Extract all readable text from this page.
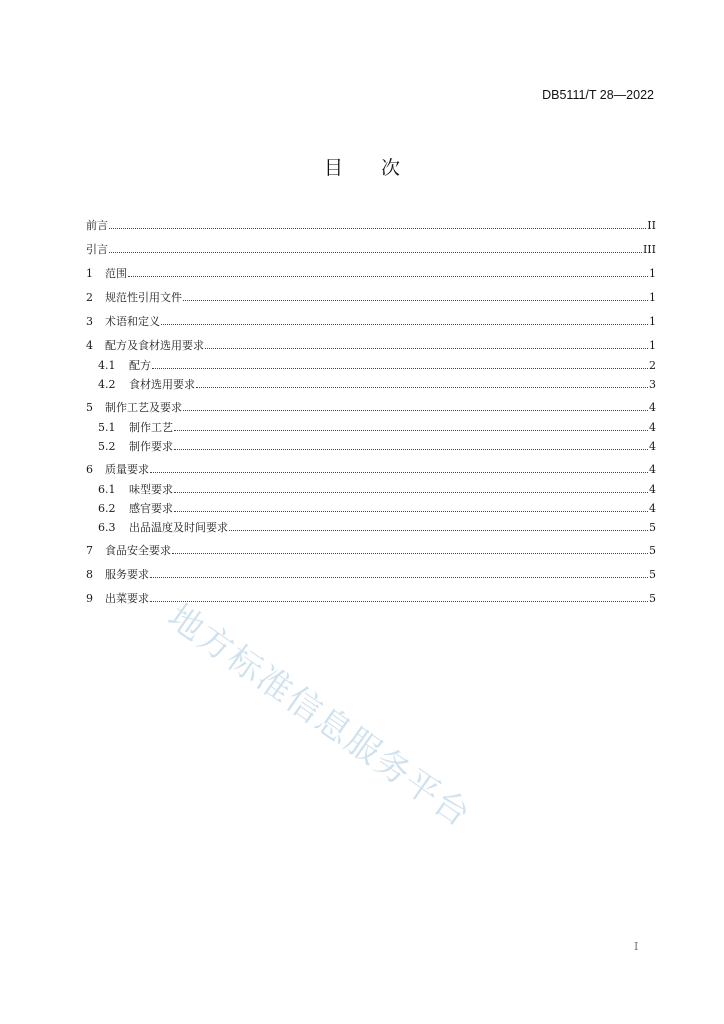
DB5111/T 28—2022
目 次
前言	II
引言	III
1	范围	1
2	规范性引用文件	1
3	术语和定义	1
4	配方及食材选用要求	1
4.1	配方	2
4.2	食材选用要求	3
5	制作工艺及要求	4
5.1	制作工艺	4
5.2	制作要求	4
6	质量要求	4
6.1	味型要求	4
6.2	感官要求	4
6.3	出品温度及时间要求	5
7	食品安全要求	5
8	服务要求	5
9	出菜要求	5
地方标准信息服务平台
I
